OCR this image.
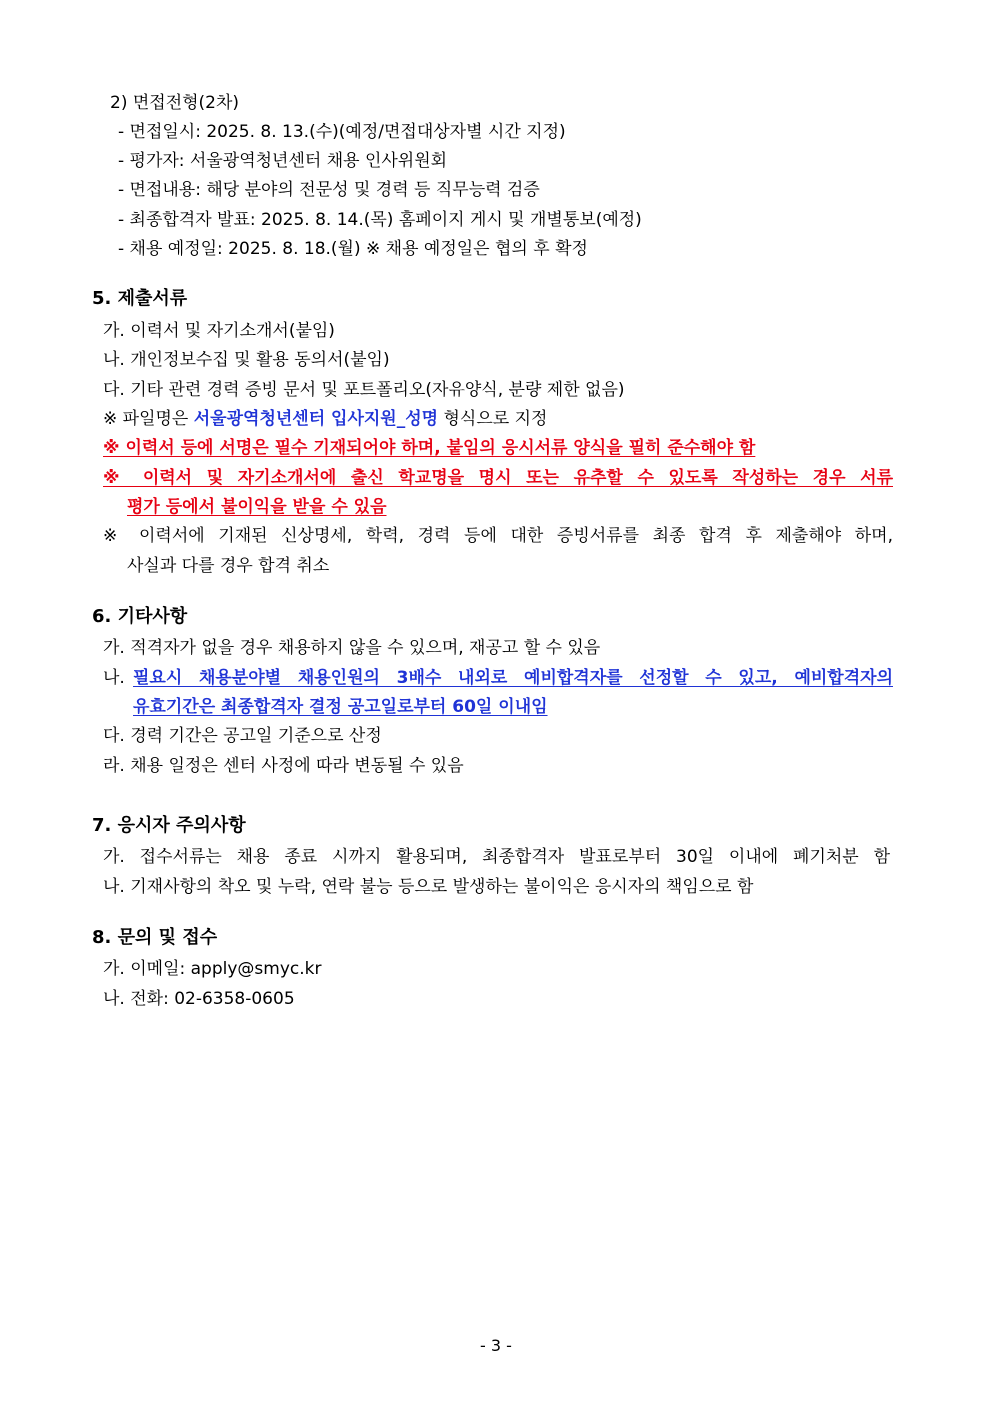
2) 면접전형(2차)
- 면접일시: 2025. 8. 13.(수)(예정/면접대상자별 시간 지정)
- 평가자: 서울광역청년센터 채용 인사위원회
- 면접내용: 해당 분야의 전문성 및 경력 등 직무능력 검증
- 최종합격자 발표: 2025. 8. 14.(목) 홈페이지 게시 및 개별통보(예정)
- 채용 예정일: 2025. 8. 18.(월) ※ 채용 예정일은 협의 후 확정
5. 제출서류
가. 이력서 및 자기소개서(붙임)
나. 개인정보수집 및 활용 동의서(붙임)
다. 기타 관련 경력 증빙 문서 및 포트폴리오(자유양식, 분량 제한 없음)
※ 파일명은 서울광역청년센터 입사지원_성명 형식으로 지정
※ 이력서 등에 서명은 필수 기재되어야 하며, 붙임의 응시서류 양식을 필히 준수해야 함
※ 이력서 및 자기소개서에 출신 학교명을 명시 또는 유추할 수 있도록 작성하는 경우 서류
평가 등에서 불이익을 받을 수 있음
※ 이력서에 기재된 신상명세, 학력, 경력 등에 대한 증빙서류를 최종 합격 후 제출해야 하며,
사실과 다를 경우 합격 취소
6. 기타사항
가. 적격자가 없을 경우 채용하지 않을 수 있으며, 재공고 할 수 있음
나. 필요시 채용분야별 채용인원의 3배수 내외로 예비합격자를 선정할 수 있고, 예비합격자의
유효기간은 최종합격자 결정 공고일로부터 60일 이내임
다. 경력 기간은 공고일 기준으로 산정
라. 채용 일정은 센터 사정에 따라 변동될 수 있음
7. 응시자 주의사항
가. 접수서류는 채용 종료 시까지 활용되며, 최종합격자 발표로부터 30일 이내에 폐기처분 함
나. 기재사항의 착오 및 누락, 연락 불능 등으로 발생하는 불이익은 응시자의 책임으로 함
8. 문의 및 접수
가. 이메일: apply@smyc.kr
나. 전화: 02-6358-0605
- 3 -
